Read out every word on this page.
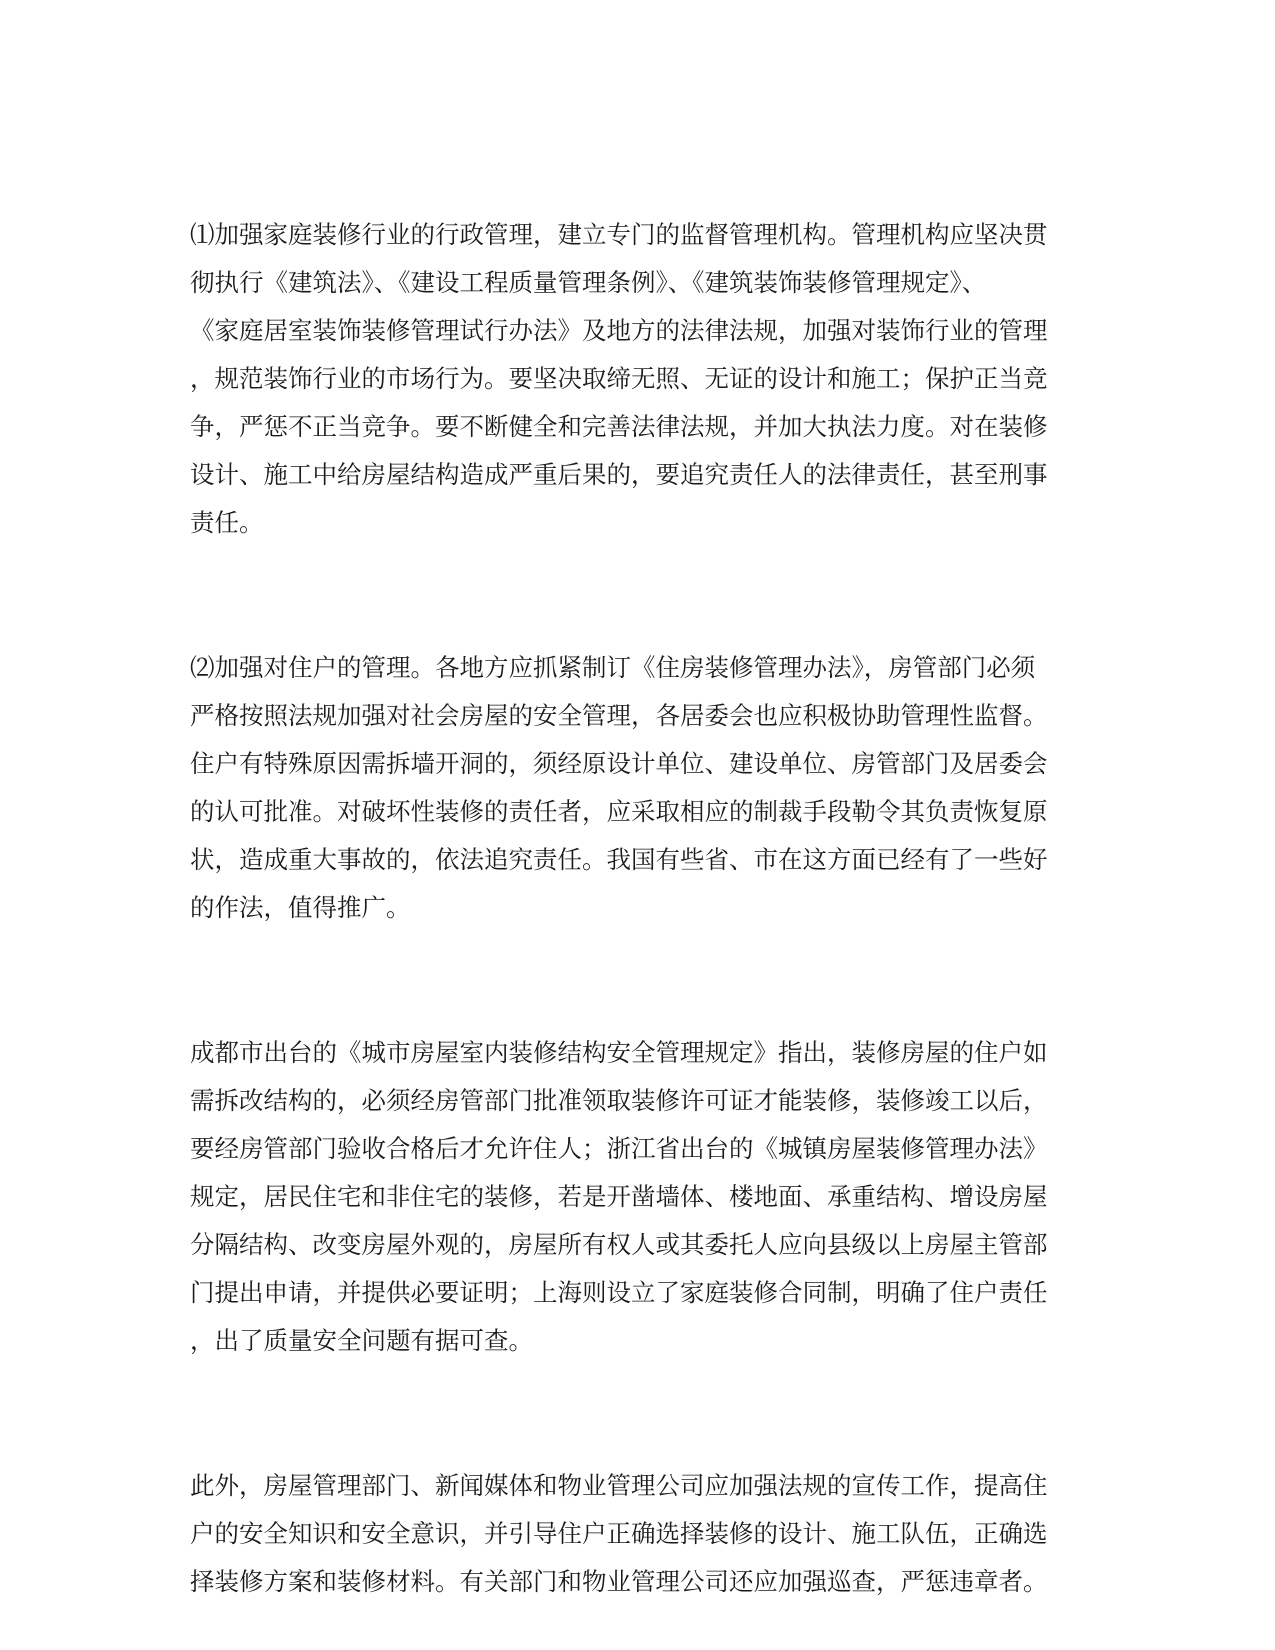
⑴加强家庭装修行业的行政管理，建立专门的监督管理机构。管理机构应坚决贯
彻执行《建筑法》、《建设工程质量管理条例》、《建筑装饰装修管理规定》、
《家庭居室装饰装修管理试行办法》及地方的法律法规，加强对装饰行业的管理
，规范装饰行业的市场行为。要坚决取缔无照、无证的设计和施工；保护正当竞
争，严惩不正当竞争。要不断健全和完善法律法规，并加大执法力度。对在装修
设计、施工中给房屋结构造成严重后果的，要追究责任人的法律责任，甚至刑事
责任。
⑵加强对住户的管理。各地方应抓紧制订《住房装修管理办法》，房管部门必须
严格按照法规加强对社会房屋的安全管理，各居委会也应积极协助管理性监督。
住户有特殊原因需拆墙开洞的，须经原设计单位、建设单位、房管部门及居委会
的认可批准。对破坏性装修的责任者，应采取相应的制裁手段勒令其负责恢复原
状，造成重大事故的，依法追究责任。我国有些省、市在这方面已经有了一些好
的作法，值得推广。
成都市出台的《城市房屋室内装修结构安全管理规定》指出，装修房屋的住户如
需拆改结构的，必须经房管部门批准领取装修许可证才能装修，装修竣工以后，
要经房管部门验收合格后才允许住人；浙江省出台的《城镇房屋装修管理办法》
规定，居民住宅和非住宅的装修，若是开凿墙体、楼地面、承重结构、增设房屋
分隔结构、改变房屋外观的，房屋所有权人或其委托人应向县级以上房屋主管部
门提出申请，并提供必要证明；上海则设立了家庭装修合同制，明确了住户责任
，出了质量安全问题有据可查。
此外，房屋管理部门、新闻媒体和物业管理公司应加强法规的宣传工作，提高住
户的安全知识和安全意识，并引导住户正确选择装修的设计、施工队伍，正确选
择装修方案和装修材料。有关部门和物业管理公司还应加强巡查，严惩违章者。
